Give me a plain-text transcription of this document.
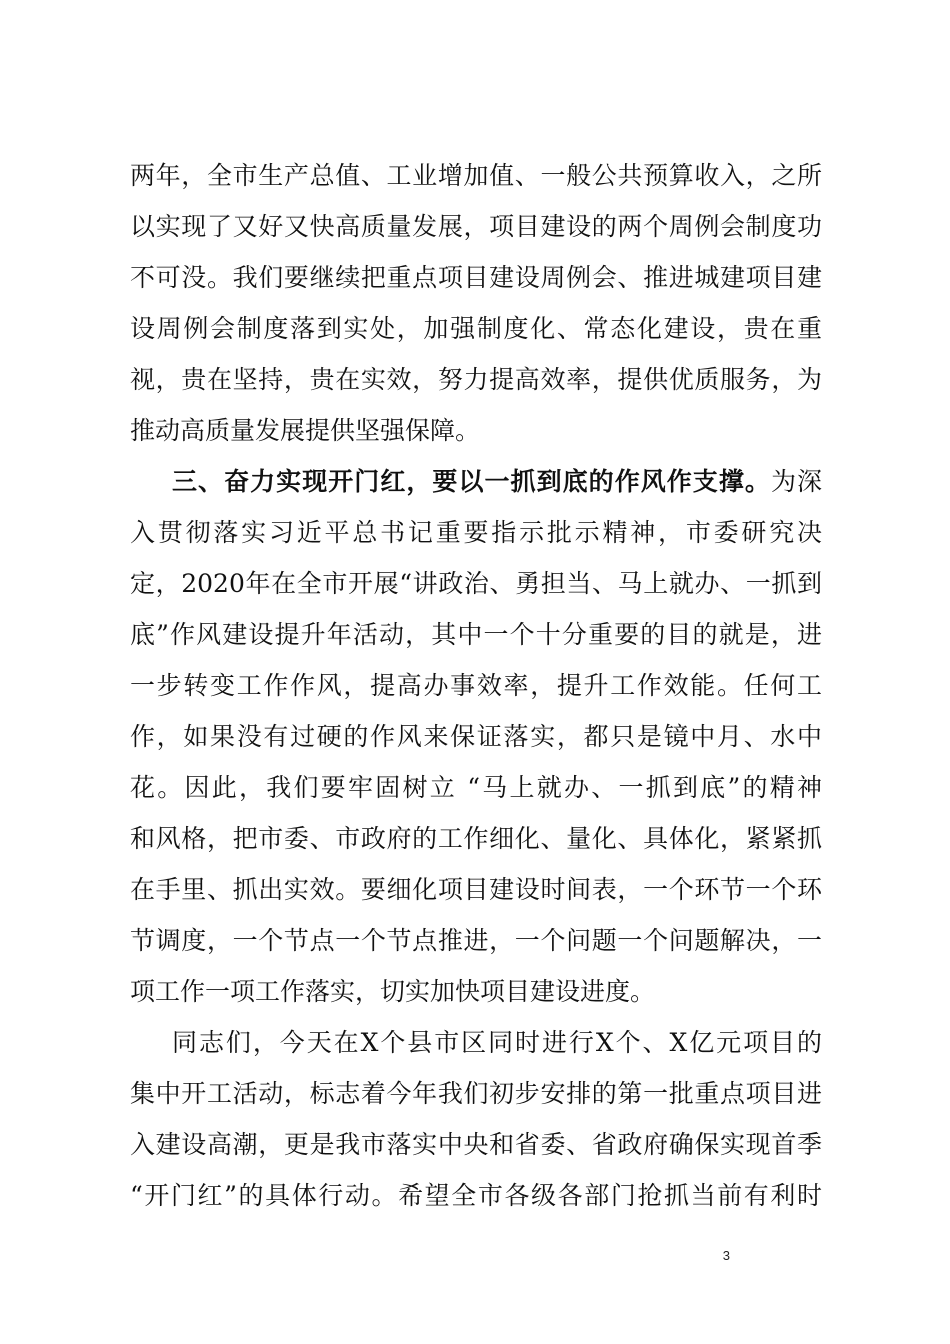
两年，全市生产总值、工业增加值、一般公共预算收入，之所
以实现了又好又快高质量发展，项目建设的两个周例会制度功
不可没。我们要继续把重点项目建设周例会、推进城建项目建
设周例会制度落到实处，加强制度化、常态化建设，贵在重
视，贵在坚持，贵在实效，努力提高效率，提供优质服务，为
推动高质量发展提供坚强保障。
三、奋力实现开门红，要以一抓到底的作风作支撑。为深
入贯彻落实习近平总书记重要指示批示精神，市委研究决
定，2020年在全市开展“讲政治、勇担当、马上就办、一抓到
底”作风建设提升年活动，其中一个十分重要的目的就是，进
一步转变工作作风，提高办事效率，提升工作效能。任何工
作，如果没有过硬的作风来保证落实，都只是镜中月、水中
花。因此，我们要牢固树立 “马上就办、一抓到底”的精神
和风格，把市委、市政府的工作细化、量化、具体化，紧紧抓
在手里、抓出实效。要细化项目建设时间表，一个环节一个环
节调度，一个节点一个节点推进，一个问题一个问题解决，一
项工作一项工作落实，切实加快项目建设进度。
同志们，今天在X个县市区同时进行X个、X亿元项目的
集中开工活动，标志着今年我们初步安排的第一批重点项目进
入建设高潮，更是我市落实中央和省委、省政府确保实现首季
“开门红”的具体行动。希望全市各级各部门抢抓当前有利时
3
